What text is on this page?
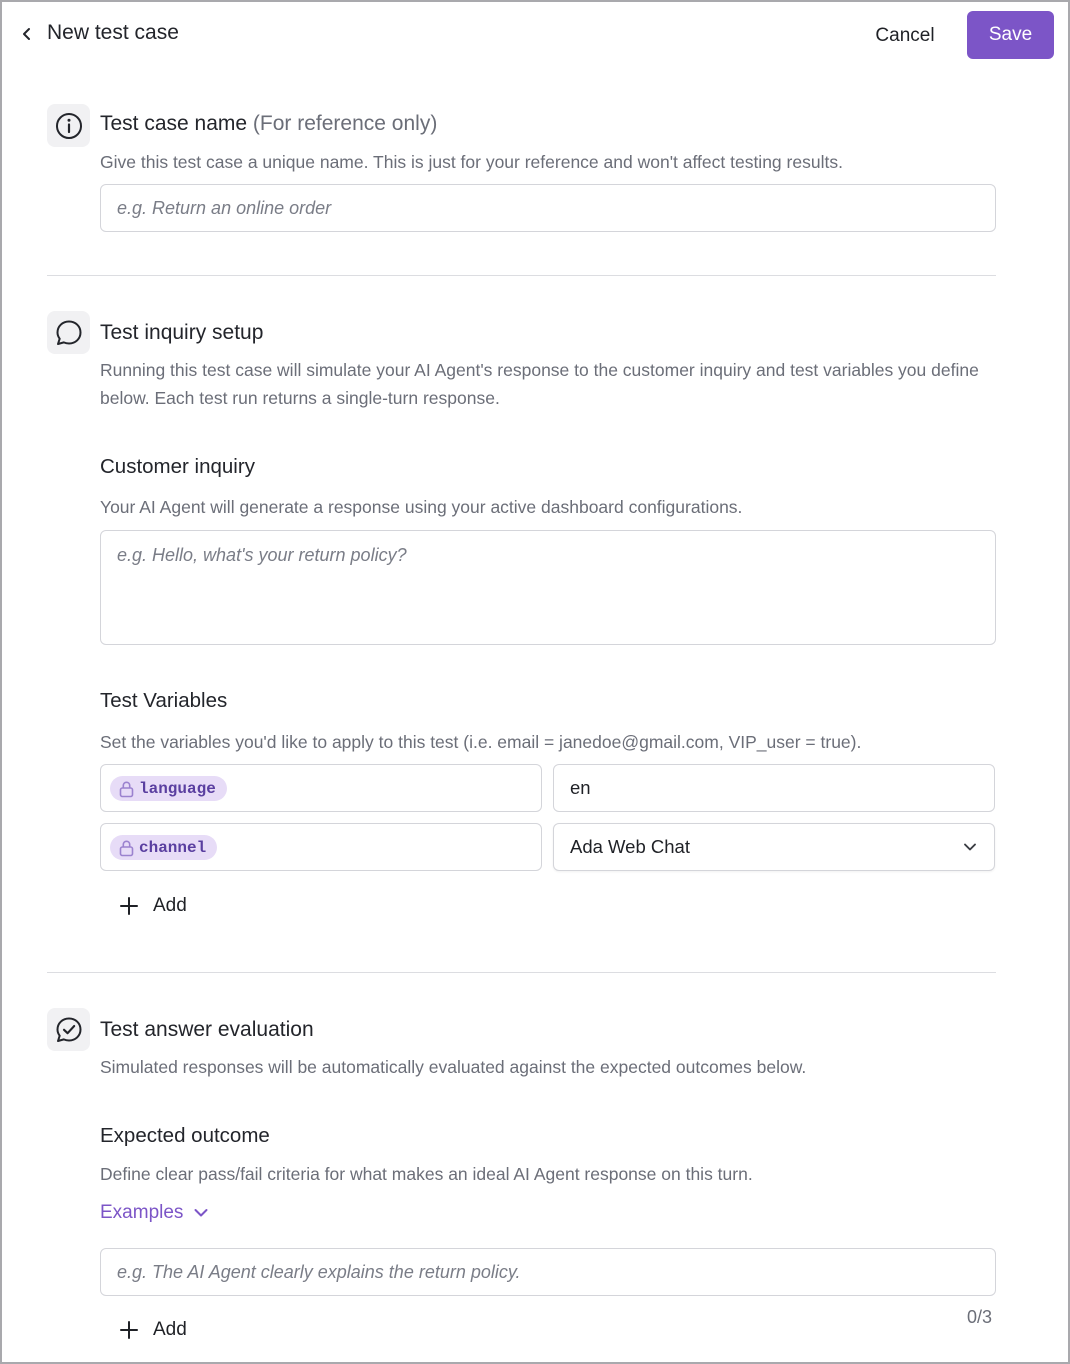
New test case	Cancel	Save
Test case name (For reference only)
Give this test case a unique name. This is just for your reference and won't affect testing results.
e.g. Return an online order
Test inquiry setup
Running this test case will simulate your AI Agent's response to the customer inquiry and test variables you define below. Each test run returns a single-turn response.
Customer inquiry
Your AI Agent will generate a response using your active dashboard configurations.
e.g. Hello, what's your return policy?
Test Variables
Set the variables you'd like to apply to this test (i.e. email = janedoe@gmail.com, VIP_user = true).
language	en
channel	Ada Web Chat
Add
Test answer evaluation
Simulated responses will be automatically evaluated against the expected outcomes below.
Expected outcome
Define clear pass/fail criteria for what makes an ideal AI Agent response on this turn.
Examples
e.g. The AI Agent clearly explains the return policy.
Add
0/3
